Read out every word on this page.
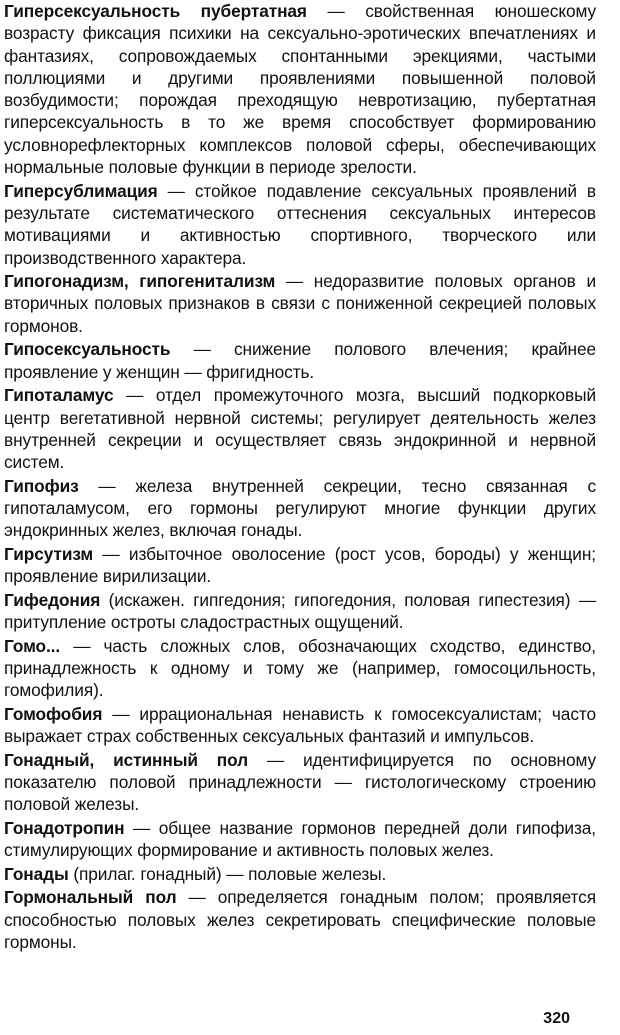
Гиперсексуальность пубертатная — свойственная юношескому возрасту фиксация психики на сексуально-эротических впечатлениях и фантазиях, сопровождаемых спонтанными эрекциями, частыми поллюциями и другими проявлениями повышенной половой возбудимости; порождая преходящую невротизацию, пубертатная гиперсексуальность в то же время способствует формированию условнорефлекторных комплексов половой сферы, обеспечивающих нормальные половые функции в периоде зрелости.

Гиперсублимация — стойкое подавление сексуальных проявлений в результате систематического оттеснения сексуальных интересов мотивациями и активностью спортивного, творческого или производственного характера.

Гипогонадизм, гипогенитализм — недоразвитие половых органов и вторичных половых признаков в связи с пониженной секрецией половых гормонов.

Гипосексуальность — снижение полового влечения; крайнее проявление у женщин — фригидность.

Гипоталамус — отдел промежуточного мозга, высший подкорковый центр вегетативной нервной системы; регулирует деятельность желез внутренней секреции и осуществляет связь эндокринной и нервной систем.

Гипофиз — железа внутренней секреции, тесно связанная с гипоталамусом, его гормоны регулируют многие функции других эндокринных желез, включая гонады.

Гирсутизм — избыточное оволосение (рост усов, бороды) у женщин; проявление вирилизации.

Гифедония (искажен. гипгедония; гипогедония, половая гипестезия) — притупление остроты сладострастных ощущений.

Гомо... — часть сложных слов, обозначающих сходство, единство, принадлежность к одному и тому же (например, гомосоцильность, гомофилия).

Гомофобия — иррациональная ненависть к гомосексуалистам; часто выражает страх собственных сексуальных фантазий и импульсов.

Гонадный, истинный пол — идентифицируется по основному показателю половой принадлежности — гистологическому строению половой железы.

Гонадотропин — общее название гормонов передней доли гипофиза, стимулирующих формирование и активность половых желез.

Гонады (прилаг. гонадный) — половые железы.

Гормональный пол — определяется гонадным полом; проявляется способностью половых желез секретировать специфические половые гормоны.

320
